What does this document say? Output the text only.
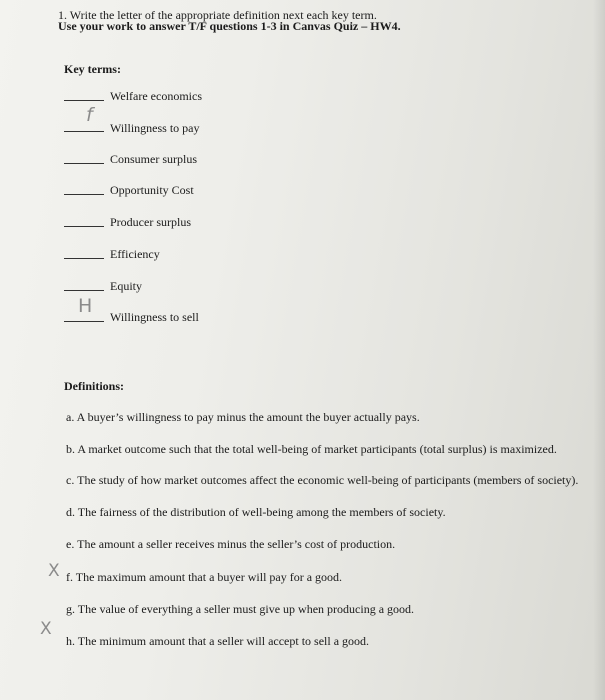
1. Write the letter of the appropriate definition next each key term.
Use your work to answer T/F questions 1-3 in Canvas Quiz – HW4.
Key terms:
Welfare economics
f
Willingness to pay
Consumer surplus
Opportunity Cost
Producer surplus
Efficiency
Equity
H Willingness to sell
Definitions:
a. A buyer’s willingness to pay minus the amount the buyer actually pays.
b. A market outcome such that the total well-being of market participants (total surplus) is maximized.
c. The study of how market outcomes affect the economic well-being of participants (members of society).
d. The fairness of the distribution of well-being among the members of society.
e. The amount a seller receives minus the seller’s cost of production.
X f. The maximum amount that a buyer will pay for a good.
g. The value of everything a seller must give up when producing a good.
X
h. The minimum amount that a seller will accept to sell a good.
